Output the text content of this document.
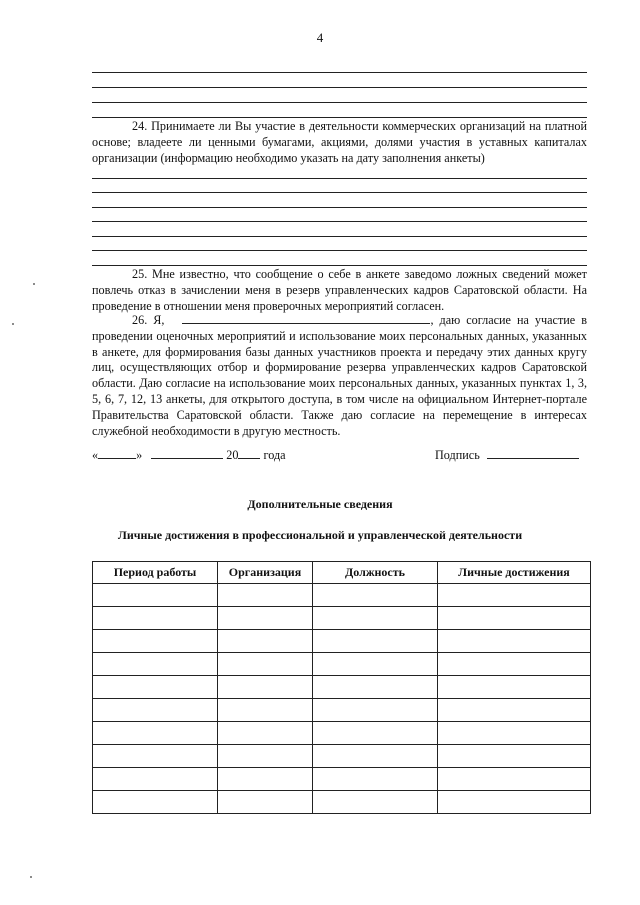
4

24. Принимаете ли Вы участие в деятельности коммерческих организаций на платной основе; владеете ли ценными бумагами, акциями, долями участия в уставных капиталах организации (информацию необходимо указать на дату заполнения анкеты)

25. Мне известно, что сообщение о себе в анкете заведомо ложных сведений может повлечь отказ в зачислении меня в резерв управленческих кадров Саратовской области. На проведение в отношении меня проверочных мероприятий согласен.

26. Я,	, даю согласие на участие в проведении оценочных мероприятий и использование моих персональных данных, указанных в анкете, для формирования базы данных участников проекта и передачу этих данных кругу лиц, осуществляющих отбор и формирование резерва управленческих кадров Саратовской области. Даю согласие на использование моих персональных данных, указанных пунктах 1, 3, 5, 6, 7, 12, 13 анкеты, для открытого доступа, в том числе на официальном Интернет-портале Правительства Саратовской области. Также даю согласие на перемещение в интересах служебной необходимости в другую местность.

«	»	20 года	Подпись
Дополнительные сведения
Личные достижения в профессиональной и управленческой деятельности
Период работы	Организация	Должность	Личные достижения
